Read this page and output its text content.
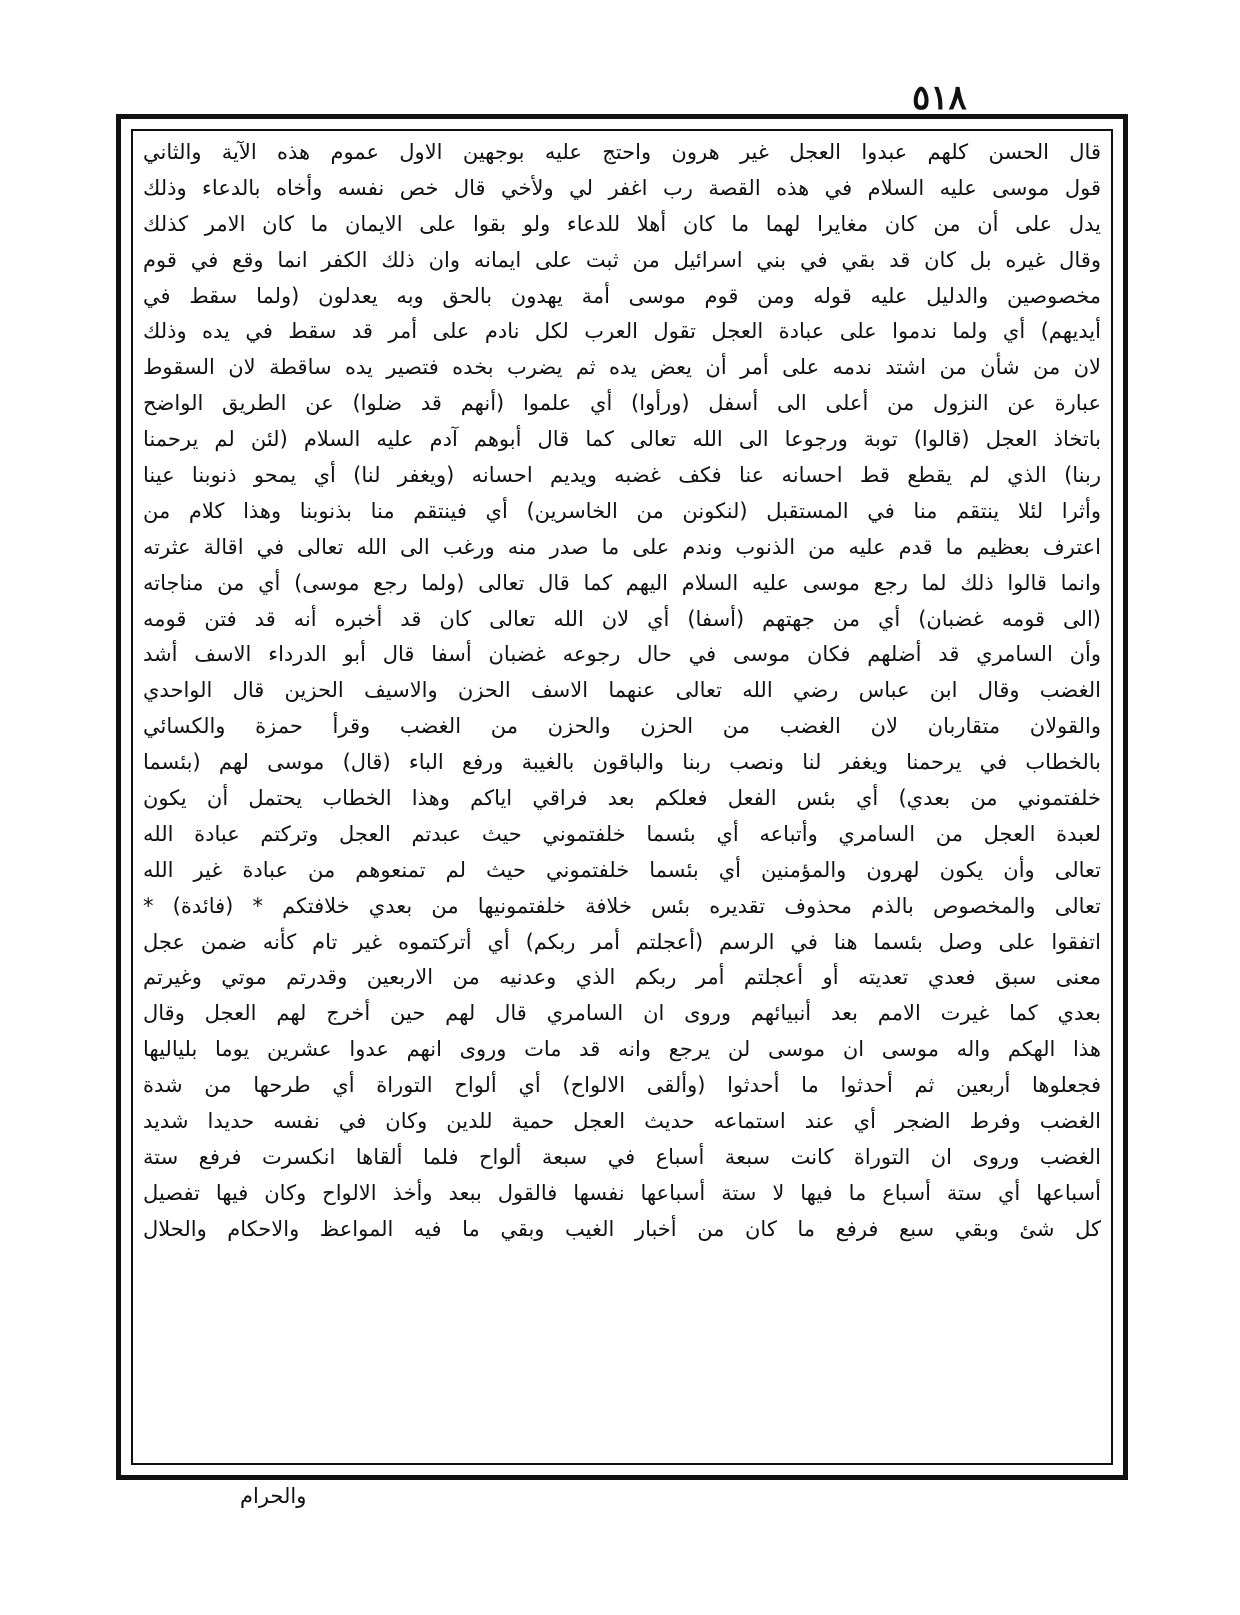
٥١٨
قال الحسن كلهم عبدوا العجل غير هرون واحتج عليه بوجهين الاول عموم هذه الآية والثاني
قول موسى عليه السلام في هذه القصة رب اغفر لي ولأخي قال خص نفسه وأخاه بالدعاء وذلك
يدل على أن من كان مغايرا لهما ما كان أهلا للدعاء ولو بقوا على الايمان ما كان الامر كذلك
وقال غيره بل كان قد بقي في بني اسرائيل من ثبت على ايمانه وان ذلك الكفر انما وقع في قوم
مخصوصين والدليل عليه قوله ومن قوم موسى أمة يهدون بالحق وبه يعدلون (ولما سقط في
أيديهم) أي ولما ندموا على عبادة العجل تقول العرب لكل نادم على أمر قد سقط في يده وذلك
لان من شأن من اشتد ندمه على أمر أن يعض يده ثم يضرب بخده فتصير يده ساقطة لان السقوط
عبارة عن النزول من أعلى الى أسفل (ورأوا) أي علموا (أنهم قد ضلوا) عن الطريق الواضح
باتخاذ العجل (قالوا) توبة ورجوعا الى الله تعالى كما قال أبوهم آدم عليه السلام (لئن لم يرحمنا
ربنا) الذي لم يقطع قط احسانه عنا فكف غضبه ويديم احسانه (ويغفر لنا) أي يمحو ذنوبنا عينا
وأثرا لئلا ينتقم منا في المستقبل (لنكونن من الخاسرين) أي فينتقم منا بذنوبنا وهذا كلام من
اعترف بعظيم ما قدم عليه من الذنوب وندم على ما صدر منه ورغب الى الله تعالى في اقالة عثرته
وانما قالوا ذلك لما رجع موسى عليه السلام اليهم كما قال تعالى (ولما رجع موسى) أي من مناجاته
(الى قومه غضبان) أي من جهتهم (أسفا) أي لان الله تعالى كان قد أخبره أنه قد فتن قومه
وأن السامري قد أضلهم فكان موسى في حال رجوعه غضبان أسفا قال أبو الدرداء الاسف أشد
الغضب وقال ابن عباس رضي الله تعالى عنهما الاسف الحزن والاسيف الحزين قال الواحدي
والقولان متقاربان لان الغضب من الحزن والحزن من الغضب وقرأ حمزة والكسائي
بالخطاب في يرحمنا ويغفر لنا ونصب ربنا والباقون بالغيبة ورفع الباء (قال) موسى لهم (بئسما
خلفتموني من بعدي) أي بئس الفعل فعلكم بعد فراقي اياكم وهذا الخطاب يحتمل أن يكون
لعبدة العجل من السامري وأتباعه أي بئسما خلفتموني حيث عبدتم العجل وتركتم عبادة الله
تعالى وأن يكون لهرون والمؤمنين أي بئسما خلفتموني حيث لم تمنعوهم من عبادة غير الله
تعالى والمخصوص بالذم محذوف تقديره بئس خلافة خلفتمونيها من بعدي خلافتكم * (فائدة) *
اتفقوا على وصل بئسما هنا في الرسم (أعجلتم أمر ربكم) أي أتركتموه غير تام كأنه ضمن عجل
معنى سبق فعدي تعديته أو أعجلتم أمر ربكم الذي وعدنيه من الاربعين وقدرتم موتي وغيرتم
بعدي كما غيرت الامم بعد أنبيائهم وروى ان السامري قال لهم حين أخرج لهم العجل وقال
هذا الهكم واله موسى ان موسى لن يرجع وانه قد مات وروى انهم عدوا عشرين يوما بلياليها
فجعلوها أربعين ثم أحدثوا ما أحدثوا (وألقى الالواح) أي ألواح التوراة أي طرحها من شدة
الغضب وفرط الضجر أي عند استماعه حديث العجل حمية للدين وكان في نفسه حديدا شديد
الغضب وروى ان التوراة كانت سبعة أسباع في سبعة ألواح فلما ألقاها انكسرت فرفع ستة
أسباعها أي ستة أسباع ما فيها لا ستة أسباعها نفسها فالقول ببعد وأخذ الالواح وكان فيها تفصيل
كل شئ وبقي سبع فرفع ما كان من أخبار الغيب وبقي ما فيه المواعظ والاحكام والحلال
والحرام
